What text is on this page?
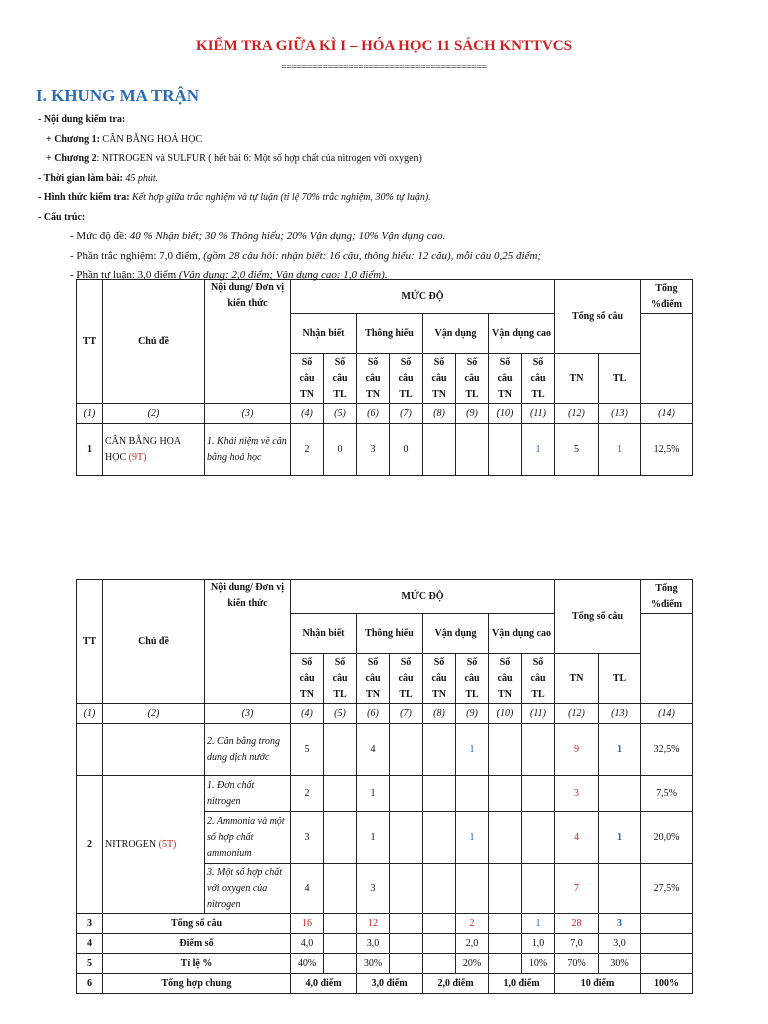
KIỂM TRA GIỮA KÌ I – HÓA HỌC 11 SÁCH KNTTVCS
========================================
I. KHUNG MA TRẬN
- Nội dung kiểm tra:
+ Chương 1: CÂN BẰNG HOÁ HỌC
+ Chương 2: NITROGEN và SULFUR ( hết bài 6: Một số hợp chất của nitrogen với oxygen)
- Thời gian làm bài: 45 phút.
- Hình thức kiểm tra: Kết hợp giữa trắc nghiệm và tự luận (tỉ lệ 70% trắc nghiệm, 30% tự luận).
- Cấu trúc:
- Mức độ đề: 40 % Nhận biết; 30 % Thông hiểu; 20% Vận dụng; 10% Vận dụng cao.
- Phần trắc nghiệm: 7,0 điểm, (gồm 28 câu hỏi: nhận biết: 16 câu, thông hiểu: 12 câu), mỗi câu 0,25 điểm;
- Phần tự luận: 3,0 điểm (Vận dụng: 2,0 điểm; Vận dụng cao: 1,0 điểm).
TT	Chủ đề	Nội dung/ Đơn vị kiến thức	MỨC ĐỘ								Tổng số câu		Tổng %điểm
			Nhận biết		Thông hiểu		Vận dụng		Vận dụng cao				
			Số câu TN	Số câu TL	Số câu TN	Số câu TL	Số câu TN	Số câu TL	Số câu TN	Số câu TL	TN	TL	
(1)	(2)	(3)	(4)	(5)	(6)	(7)	(8)	(9)	(10)	(11)	(12)	(13)	(14)
1	CÂN BẰNG HOA HỌC (9T)	1. Khái niệm về cân bằng hoá học	2	0	3	0				1	5	1	12,5%
TT	Chủ đề	Nội dung/ Đơn vị kiến thức	MỨC ĐỘ								Tổng số câu		Tổng %điểm
			Nhận biết		Thông hiểu		Vận dụng		Vận dụng cao				
			Số câu TN	Số câu TL	Số câu TN	Số câu TL	Số câu TN	Số câu TL	Số câu TN	Số câu TL	TN	TL	
(1)	(2)	(3)	(4)	(5)	(6)	(7)	(8)	(9)	(10)	(11)	(12)	(13)	(14)
		2. Cân bằng trong dung dịch nước	5		4			1			9	1	32,5%
2	NITROGEN (5T)	1. Đơn chất nitrogen	2		1						3		7,5%
		2. Ammonia và một số hợp chất ammonium	3		1			1			4	1	20,0%
		3. Một số hợp chất với oxygen của nitrogen	4		3						7		27,5%
3	Tổng số câu		16		12			2		1	28	3	
4	Điểm số		4,0		3,0			2,0		1,0	7,0	3,0	
5	Tỉ lệ %		40%		30%			20%		10%	70%	30%	
6	Tổng hợp chung		4,0 điểm		3,0 điểm		2,0 điểm		1,0 điểm		10 điểm		100%
